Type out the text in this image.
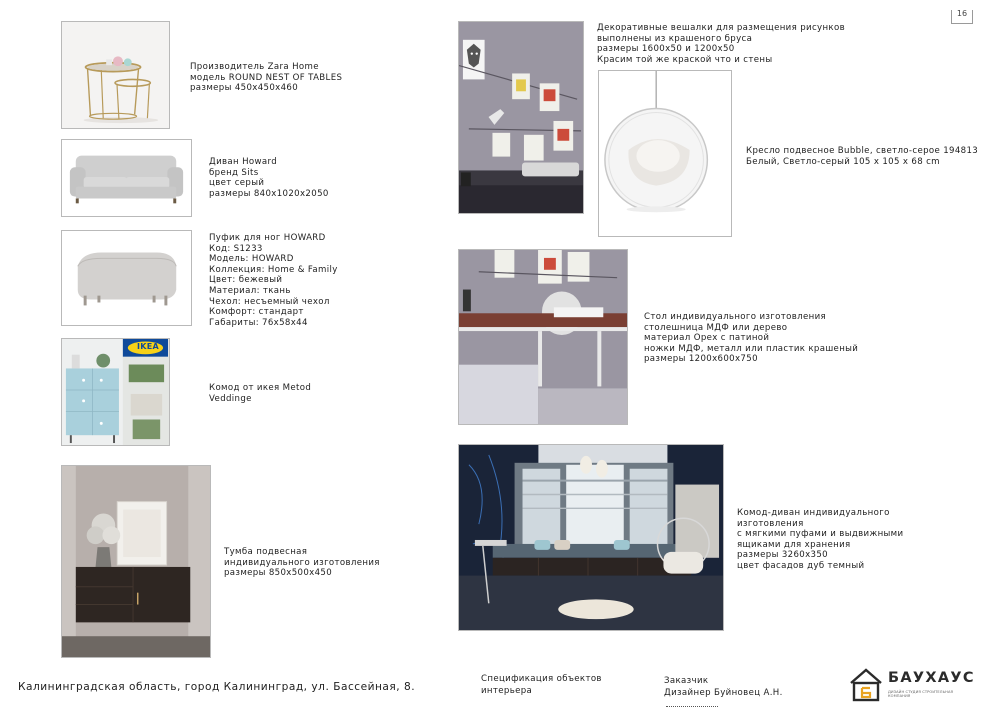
16
Производитель Zara Home
модель ROUND NEST OF TABLES
размеры 450х450х460
Диван Howard
бренд Sits
цвет серый
размеры 840х1020х2050
Пуфик для ног HOWARD
Код: S1233
Модель: HOWARD
Коллекция: Home & Family
Цвет: бежевый
Материал: ткань
Чехол: несъемный чехол
Комфорт: стандарт
Габариты: 76х58х44
IKEA
Комод от икея Metod
Veddinge
Тумба подвесная
индивидуального изготовления
размеры 850х500х450
Декоративные вешалки для размещения рисунков
выполнены из крашеного бруса
размеры 1600х50 и 1200х50
Красим той же краской что и стены
Кресло подвесное Bubble, светло-серое 194813
Белый, Светло-серый 105 х 105 х 68 cm
Стол индивидуального изготовления
столешница МДФ или дерево
материал Орех с патиной
ножки МДФ, металл или пластик крашеный
размеры 1200х600х750
Комод-диван индивидуального
изготовления
с мягкими пуфами и выдвижными
ящиками для хранения
размеры 3260х350
цвет фасадов дуб темный
Калининградская область, город Калининград, ул. Бассейная, 8.
Спецификация объектов
интерьера
Заказчик
Дизайнер Буйновец А.Н.
БАУХАУС
ДИЗАЙН СТУДИЯ СТРОИТЕЛЬНАЯ
КОМПАНИЯ
